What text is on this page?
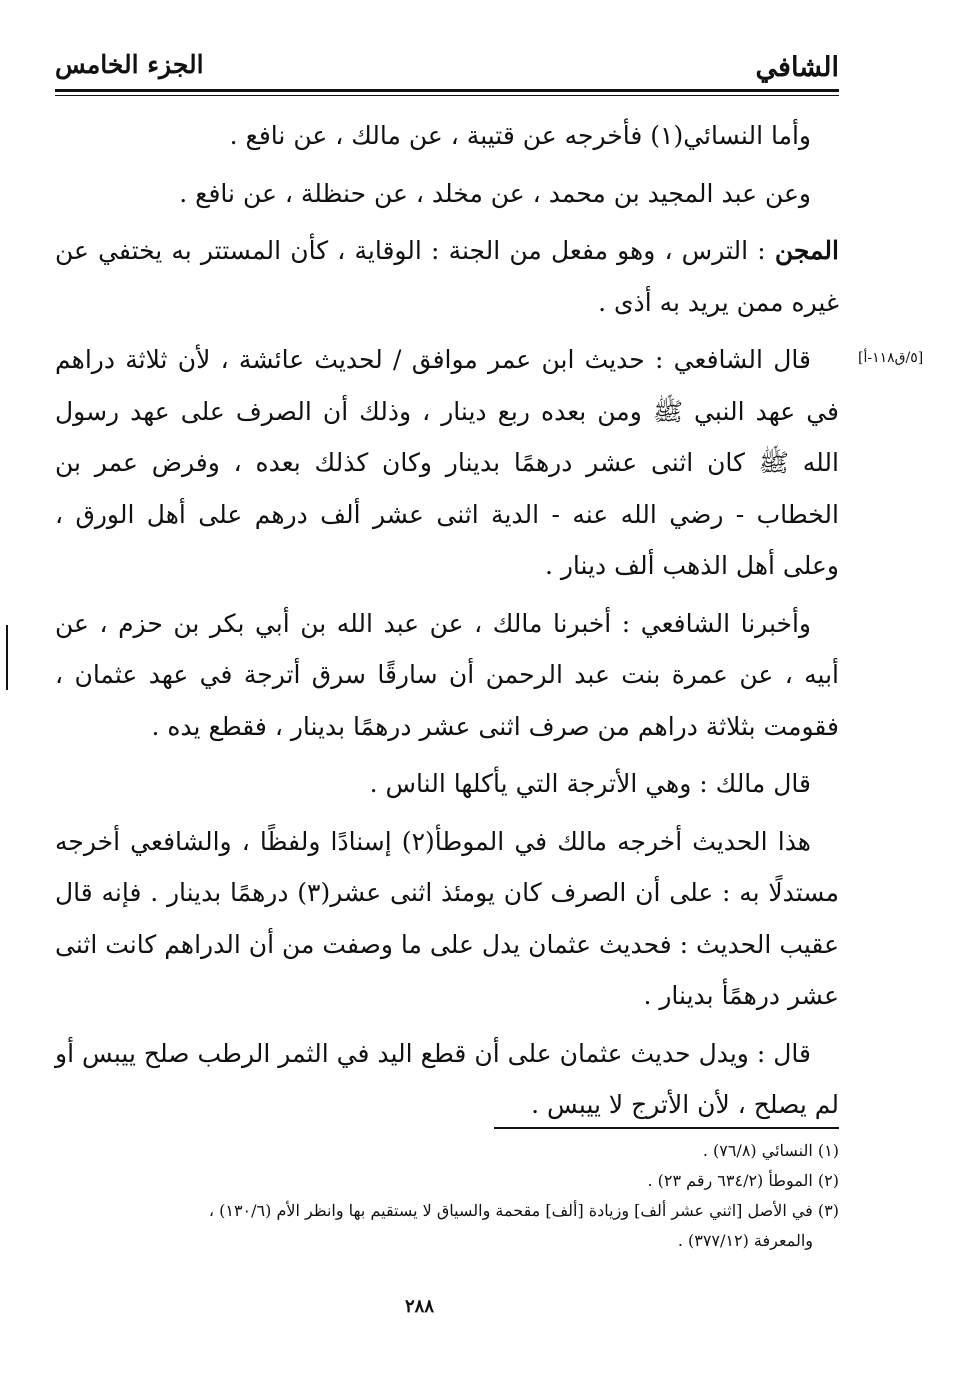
الشافي
الجزء الخامس
[٥/ق١١٨-أ]

وأما النسائي(١) فأخرجه عن قتيبة ، عن مالك ، عن نافع .

وعن عبد المجيد بن محمد ، عن مخلد ، عن حنظلة ، عن نافع .

المجن : الترس ، وهو مفعل من الجنة : الوقاية ، كأن المستتر به يختفي عن غيره ممن يريد به أذى .

قال الشافعي : حديث ابن عمر موافق / لحديث عائشة ، لأن ثلاثة دراهم في عهد النبي ﷺ ومن بعده ربع دينار ، وذلك أن الصرف على عهد رسول الله ﷺ كان اثنى عشر درهمًا بدينار وكان كذلك بعده ، وفرض عمر بن الخطاب - رضي الله عنه - الدية اثنى عشر ألف درهم على أهل الورق ، وعلى أهل الذهب ألف دينار .

وأخبرنا الشافعي : أخبرنا مالك ، عن عبد الله بن أبي بكر بن حزم ، عن أبيه ، عن عمرة بنت عبد الرحمن أن سارقًا سرق أترجة في عهد عثمان ، فقومت بثلاثة دراهم من صرف اثنى عشر درهمًا بدينار ، فقطع يده .

قال مالك : وهي الأترجة التي يأكلها الناس .

هذا الحديث أخرجه مالك في الموطأ(٢) إسنادًا ولفظًا ، والشافعي أخرجه مستدلًا به : على أن الصرف كان يومئذ اثنى عشر(٣) درهمًا بدينار . فإنه قال عقيب الحديث : فحديث عثمان يدل على ما وصفت من أن الدراهم كانت اثنى عشر درهمًأ بدينار .

قال : ويدل حديث عثمان على أن قطع اليد في الثمر الرطب صلح ييبس أو لم يصلح ، لأن الأترج لا ييبس .

(١) النسائي (٧٦/٨) .
(٢) الموطأ (٦٣٤/٢ رقم ٢٣) .
(٣) في الأصل [اثني عشر ألف] وزيادة [ألف] مقحمة والسياق لا يستقيم بها وانظر الأم (١٣٠/٦) ،
والمعرفة (٣٧٧/١٢) .
٢٨٨
